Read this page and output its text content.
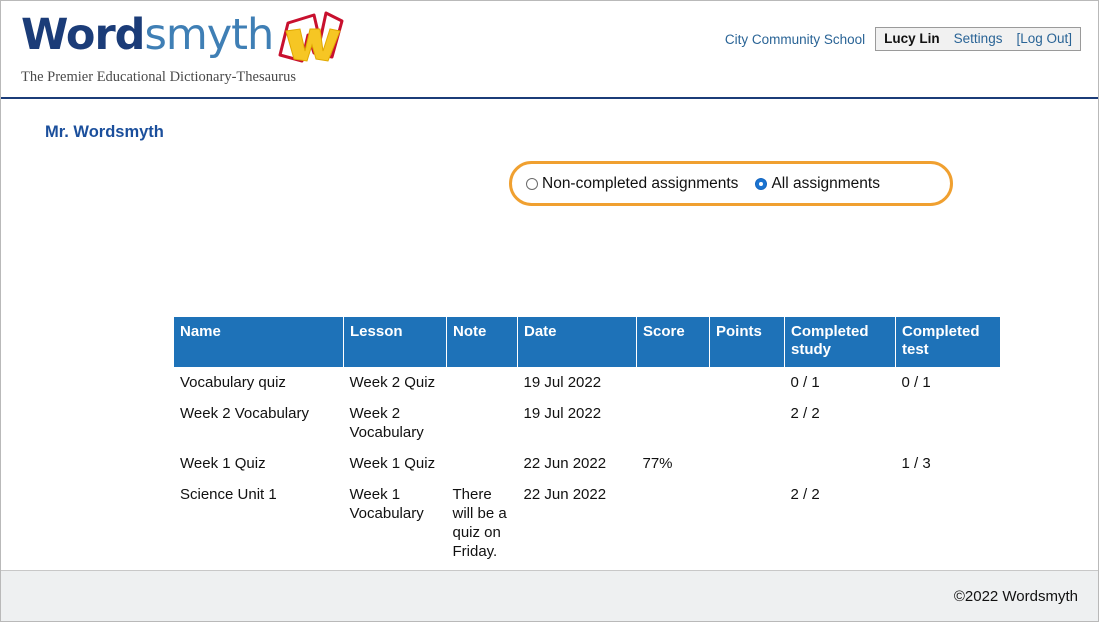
Wordsmyth
The Premier Educational Dictionary-Thesaurus
City Community School Lucy Lin Settings [Log Out]
Mr. Wordsmyth
Non-completed assignments All assignments
Name	Lesson	Note	Date	Score	Points	Completed study	Completed test
Vocabulary quiz	Week 2 Quiz		19 Jul 2022			0 / 1	0 / 1
Week 2 Vocabulary	Week 2 Vocabulary		19 Jul 2022			2 / 2	
Week 1 Quiz	Week 1 Quiz		22 Jun 2022	77%			1 / 3
Science Unit 1	Week 1 Vocabulary	There will be a quiz on Friday.	22 Jun 2022			2 / 2	
©2022 Wordsmyth
